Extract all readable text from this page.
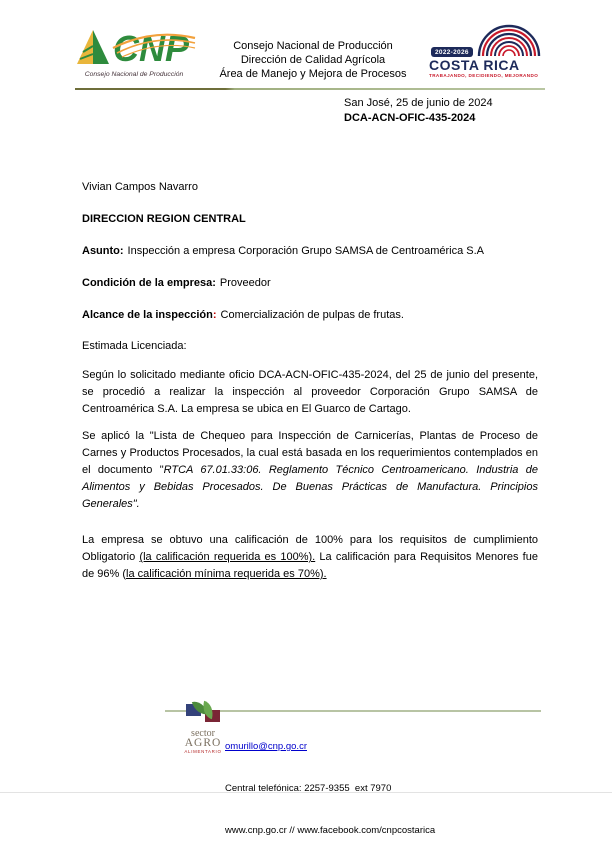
CNP
Consejo Nacional de Producción
Consejo Nacional de Producción
Dirección de Calidad Agrícola
Área de Manejo y Mejora de Procesos
2022-2026
COSTA RICA
TRABAJANDO, DECIDIENDO, MEJORANDO
San José, 25 de junio de 2024
DCA-ACN-OFIC-435-2024
Vivian Campos Navarro
DIRECCION REGION CENTRAL
Asunto: Inspección a empresa Corporación Grupo SAMSA de Centroamérica S.A
Condición de la empresa: Proveedor
Alcance de la inspección: Comercialización de pulpas de frutas.
Estimada Licenciada:
Según lo solicitado mediante oficio DCA-ACN-OFIC-435-2024, del 25 de junio del presente, se procedió a realizar la inspección al proveedor Corporación Grupo SAMSA de Centroamérica S.A. La empresa se ubica en El Guarco de Cartago.
Se aplicó la "Lista de Chequeo para Inspección de Carnicerías, Plantas de Proceso de Carnes y Productos Procesados, la cual está basada en los requerimientos contemplados en el documento "RTCA 67.01.33:06. Reglamento Técnico Centroamericano. Industria de Alimentos y Bebidas Procesados. De Buenas Prácticas de Manufactura. Principios Generales".
La empresa se obtuvo una calificación de 100% para los requisitos de cumplimiento Obligatorio (la calificación requerida es 100%). La calificación para Requisitos Menores fue de 96% (la calificación mínima requerida es 70%).
sector
AGRO
ALIMENTARIO

omurillo@cnp.go.cr

Central telefónica: 2257-9355  ext 7970

www.cnp.go.cr // www.facebook.com/cnpcostarica
